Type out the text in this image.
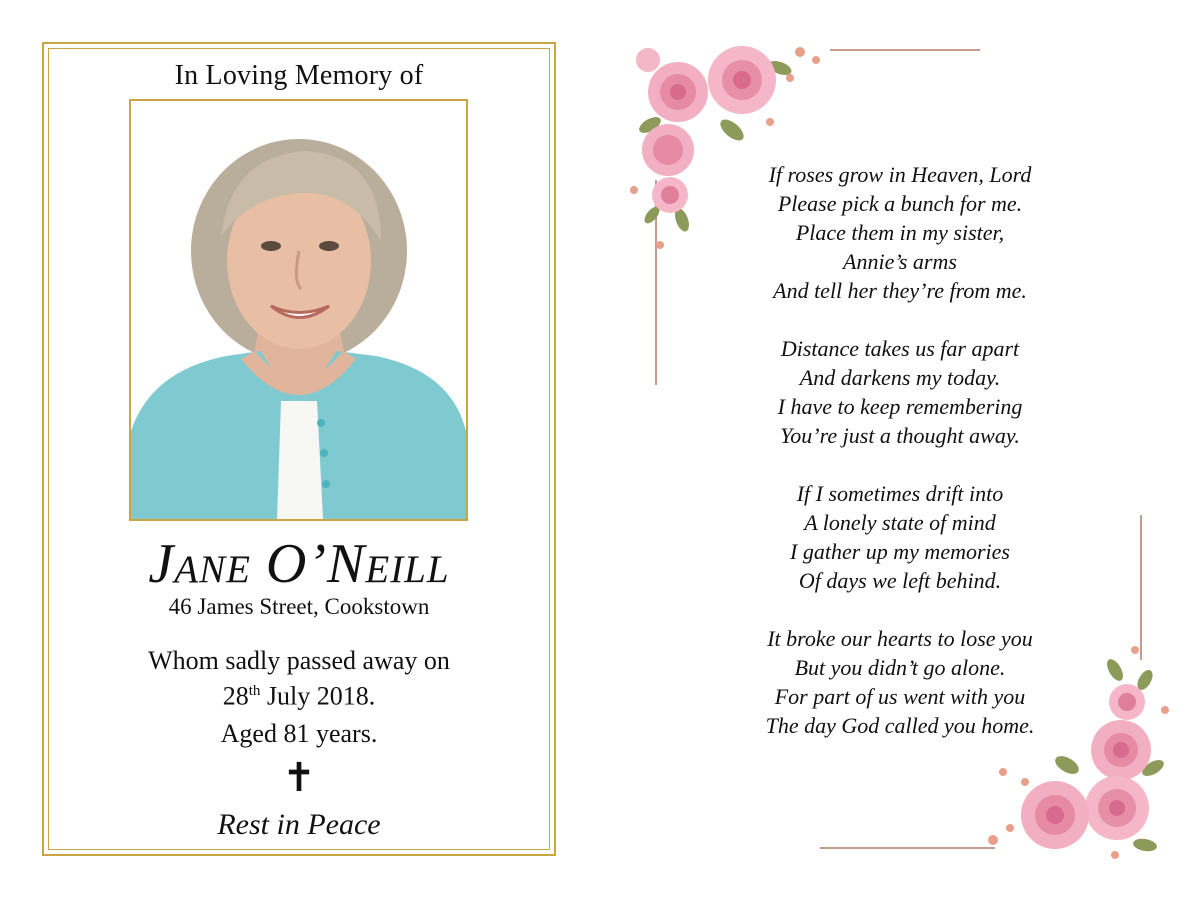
In Loving Memory of
Jane O’Neill
46 James Street, Cookstown
Whom sadly passed away on
28th July 2018.
Aged 81 years.
✝
Rest in Peace
If roses grow in Heaven, Lord
Please pick a bunch for me.
Place them in my sister,
Annie’s arms
And tell her they’re from me.
Distance takes us far apart
And darkens my today.
I have to keep remembering
You’re just a thought away.
If I sometimes drift into
A lonely state of mind
I gather up my memories
Of days we left behind.
It broke our hearts to lose you
But you didn’t go alone.
For part of us went with you
The day God called you home.
